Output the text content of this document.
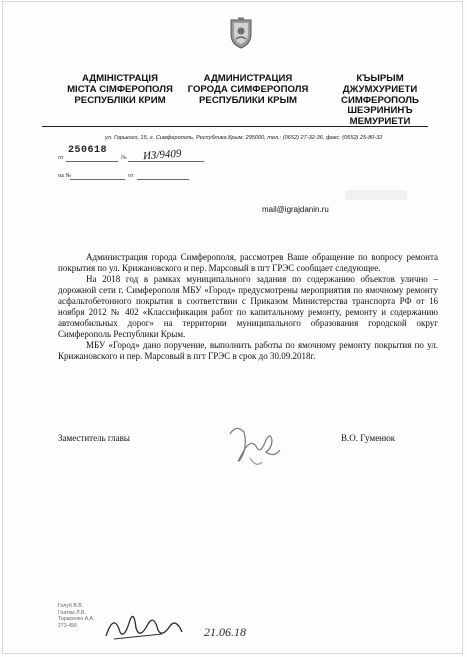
АДМІНІСТРАЦІЯ
МІСТА СІМФЕРОПОЛЯ
РЕСПУБЛІКИ КРИМ
АДМИНИСТРАЦИЯ
ГОРОДА СИМФЕРОПОЛЯ
РЕСПУБЛИКИ КРЫМ
КЪЫРЫМ
ДЖУМХУРИЕТИ
СИМФЕРОПОЛЬ
ШЕЭРИНИНЪ
МЕМУРИЕТИ
ул. Горького, 15, г. Симферополь, Республика Крым, 295000, тел.: (0652) 27-32-36, факс: (0652) 25-80-32
от
250618
№ ИЗ/9409
на №	от
mail@igrajdanin.ru

Администрация города Симферополя, рассмотрев Ваше обращение по вопросу ремонта покрытия по ул. Крижановского и пер. Марсовый в пгт ГРЭС сообщает следующее.

На 2018 год в рамках муниципального задания по содержанию объектов улично – дорожной сети г. Симферополя МБУ «Город» предусмотрены мероприятия по ямочному ремонту асфальтобетонного покрытия в соответствии с Приказом Министерства транспорта РФ от 16 ноября 2012 № 402 «Классификация работ по капитальному ремонту, ремонту и содержанию автомобильных дорог» на территории муниципального образования городской округ Симферополь Республики Крым.

МБУ «Город» дано поручение, выполнить работы по ямочному ремонту покрытия по ул. Крижановского и пер. Марсовый в пгт ГРЭС в срок до 30.09.2018г.

Заместитель главы	В.О. Гуменюк
Голуб В.В.
Гнатюк Л.В.
Тарасенко А.А.
273-456	21.06.18
